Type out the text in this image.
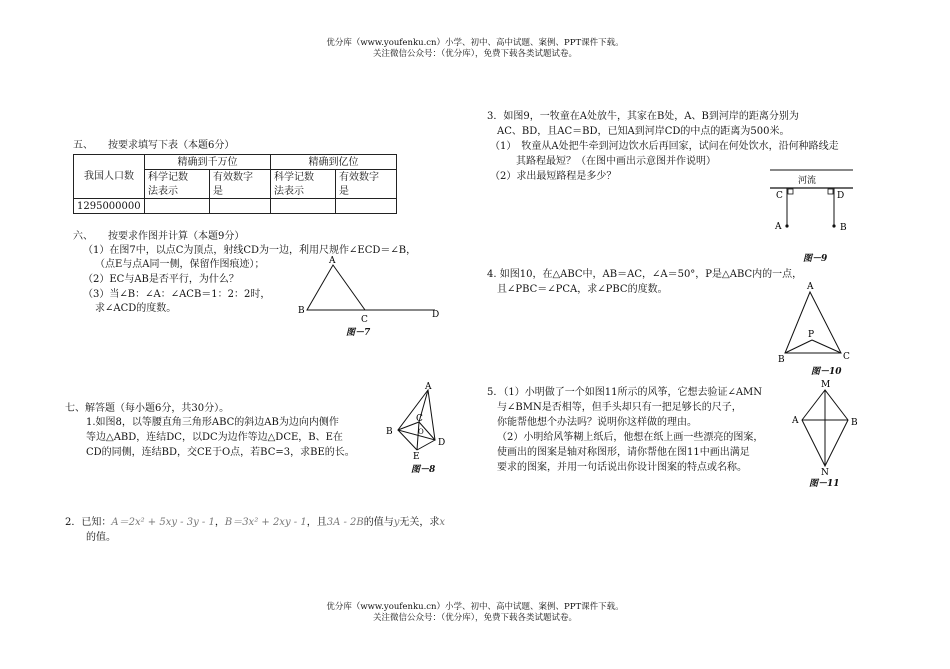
优分库（www.youfenku.cn）小学、初中、高中试题、案例、PPT课件下载。
关注微信公众号：（优分库），免费下载各类试题试卷。
五、　　按要求填写下表（本题6分）
我国人口数	精确到千万位		精确到亿位	
	科学记数	有效数字	科学记数	有效数字
	法表示	是	法表示	是
1295000000				
六、　　按要求作图并计算（本题9分）
（1）在图7中，以点C为顶点，射线CD为一边，利用尺规作∠ECD＝∠B，
（点E与点A同一侧，保留作图痕迹）；
（2）EC与AB是否平行，为什么？
（3）当∠B：∠A：∠ACB＝1：2：2时，
求∠ACD的度数。
A
B
C	D
图－7
七、解答题（每小题6分，共30分）。
1.如图8，以等腰直角三角形ABC的斜边AB为边向内侧作
等边△ABD，连结DC，以DC为边作等边△DCE，B、E在
CD的同侧，连结BD，交CE于O点，若BC=3，求BE的长。
A
B
C
O
D
E
图－8
2．已知：A＝2x² + 5xy - 3y - 1，B＝3x² + 2xy - 1，且3A - 2B的值与y无关，求x
的值。
3．如图9，一牧童在A处放牛，其家在B处，A、B到河岸的距离分别为
AC、BD，且AC＝BD，已知A到河岸CD的中点的距离为500米。
（1）　牧童从A处把牛牵到河边饮水后再回家，试问在何处饮水，沿何种路线走
其路程最短？（在图中画出示意图并作说明）
（2）求出最短路程是多少？	河流
C	D
A	B
图－9
4. 如图10，在△ABC中，AB＝AC，∠A＝50°，P是△ABC内的一点，
且∠PBC＝∠PCA，求∠PBC的度数。	A
P
B	C
图－10
5．（1）小明做了一个如图11所示的风筝，它想去验证∠AMN
与∠BMN是否相等，但手头却只有一把足够长的尺子，
你能帮他想个办法吗？说明你这样做的理由。
（2）小明给风筝糊上纸后，他想在纸上画一些漂亮的图案，
使画出的图案是轴对称图形，请你帮他在图11中画出满足
要求的图案，并用一句话说出你设计图案的特点或名称。
M
A	B
N
图－11
优分库（www.youfenku.cn）小学、初中、高中试题、案例、PPT课件下载。
关注微信公众号：（优分库），免费下载各类试题试卷。
